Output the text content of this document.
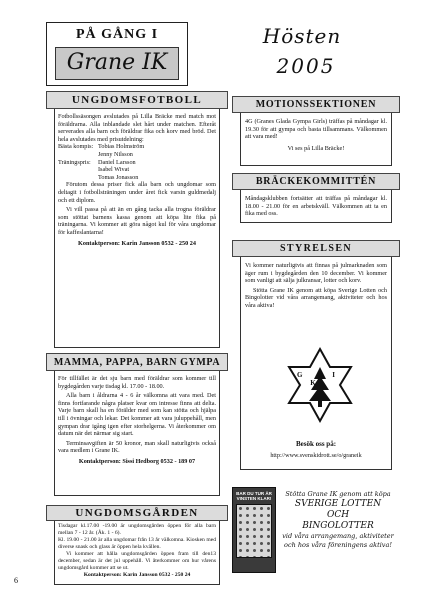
PÅ GÅNG I
Grane IK
Hösten
2005
UNGDOMSFOTBOLL

Fotbollssäsongen avslutades på Lilla Bräcke med match mot föräldrarna. Alla inblandade slet hårt under matchen. Efteråt serverades alla barn och föräldrar fika och korv med bröd. Det hela avslutades med prisutdelning:

Bästa kompis: Tobias Holmström
Jenny Nilsson
Träningspris:	Daniel Larsson
Isabel Wivat
Tomas Jonasson

Förutom dessa priser fick alla barn och ungdomar som deltagit i fotbollsträningen under året fick varsin guldmedalj och ett diplom.

Vi vill passa på att än en gång tacka alla trogna föräldrar som stöttat barnens kassa genom att köpa lite fika på träningarna. Vi kommer att göra något kul för våra ungdomar för kaffeslantarna!

Kontaktperson: Karin Jansson 0532 - 250 24

MAMMA, PAPPA, BARN GYMPA

För tillfället är det sju barn med föräldrar som kommer till bygdegården varje tisdag kl. 17.00 - 18.00.

Alla barn i åldrarna 4 - 6 år välkomna att vara med. Det finns fortfarande några platser kvar om intresse finns att delta. Varje barn skall ha en förälder med som kan stötta och hjälpa till i övningar och lekar. Det kommer att vara juluppehåll, men gympan drar igång igen efter storhelgerna. Vi återkommer om datum när det närmar sig start.

Terminsavgiften är 50 kronor, man skall naturligtvis också vara medlem i Grane IK.

Kontaktperson: Sissi Hedborg 0532 - 189 07

UNGDOMSGÅRDEN

Tisdagar kl.17.00 -19.00 är ungdomsgården öppen för alla barn mellan 7 - 12 år. (Åk. 1 - 6).

Kl. 19.00 - 21.00 är alla ungdomar från 13 år välkomna. Kiosken med diverse snask och glass är öppen hela kvällen.

Vi kommer att hålla ungdomsgården öppen fram till den13 december, sedan är det jul uppehåll. Vi återkommer om hur vårens ungdomsgård kommer att se ut.

Kontaktperson: Karin Jansson 0532 - 250 24

MOTIONSSEKTIONEN

4G (Granes Glada Gympa Girls) träffas på måndagar kl. 19.30 för att gympa och basta tillsammans. Välkommen att vara med!

Vi ses på Lilla Bräcke!

BRÄCKEKOMMITTÉN

Måndagsklubben fortsätter att träffas på måndagar kl. 18.00 - 21.00 för en arbetskväll. Välkommen att ta en fika med oss.

STYRELSEN

Vi kommer naturligtvis att finnas på julmarknaden som äger rum i bygdegården den 10 december. Vi kommer som vanligt att sälja julkransar, lotter och korv.

Stötta Grane IK genom att köpa Sverige Lotten och Bingolotter vid våra arrangemang, aktiviteter och hos våra aktiva!

G I K
Besök oss på:
http://www.svenskidrott.se/o/graneik
BAR DU TUR ÄR VINSTEN KLAR!
Stötta Grane IK genom att köpa
SVERIGE LOTTEN
OCH
BINGOLOTTER
vid våra arrangemang, aktiviteter
och hos våra föreningens aktiva!
6
